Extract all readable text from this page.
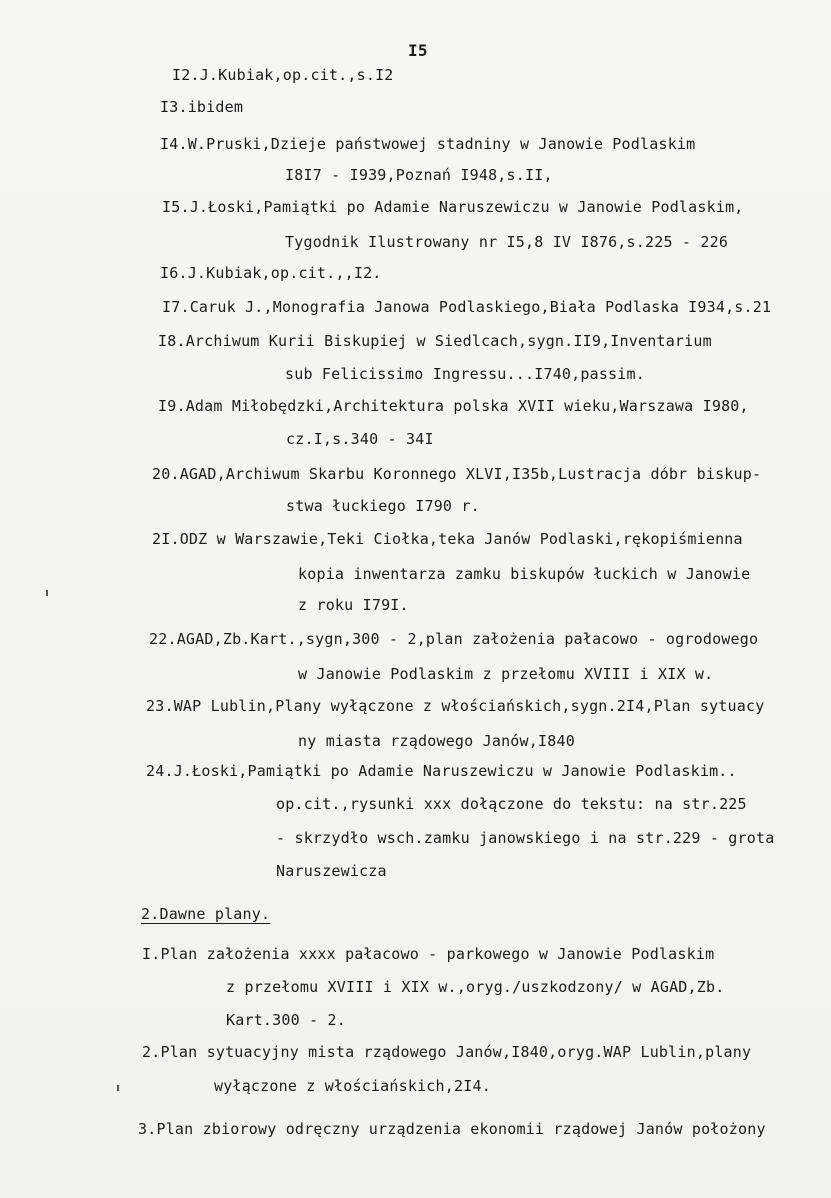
I5
I2.J.Kubiak,op.cit.,s.I2
I3.ibidem
I4.W.Pruski,Dzieje państwowej stadniny w Janowie Podlaskim
I8I7 - I939,Poznań I948,s.II,
I5.J.Łoski,Pamiątki po Adamie Naruszewiczu w Janowie Podlaskim,
Tygodnik Ilustrowany nr I5,8 IV I876,s.225 - 226
I6.J.Kubiak,op.cit.,,I2.
I7.Caruk J.,Monografia Janowa Podlaskiego,Biała Podlaska I934,s.21
I8.Archiwum Kurii Biskupiej w Siedlcach,sygn.II9,Inventarium
sub Felicissimo Ingressu...I740,passim.
I9.Adam Miłobędzki,Architektura polska XVII wieku,Warszawa I980,
cz.I,s.340 - 34I
20.AGAD,Archiwum Skarbu Koronnego XLVI,I35b,Lustracja dóbr biskup-
stwa łuckiego I790 r.
2I.ODZ w Warszawie,Teki Ciołka,teka Janów Podlaski,rękopiśmienna
kopia inwentarza zamku biskupów łuckich w Janowie
z roku I79I.
22.AGAD,Zb.Kart.,sygn,300 - 2,plan założenia pałacowo - ogrodowego
w Janowie Podlaskim z przełomu XVIII i XIX w.
23.WAP Lublin,Plany wyłączone z włościańskich,sygn.2I4,Plan sytuacy
ny miasta rządowego Janów,I840
24.J.Łoski,Pamiątki po Adamie Naruszewiczu w Janowie Podlaskim..
op.cit.,rysunki xxx dołączone do tekstu: na str.225
- skrzydło wsch.zamku janowskiego i na str.229 - grota
Naruszewicza
2.Dawne plany.
I.Plan założenia xxxx pałacowo - parkowego w Janowie Podlaskim
z przełomu XVIII i XIX w.,oryg./uszkodzony/ w AGAD,Zb.
Kart.300 - 2.
2.Plan sytuacyjny mista rządowego Janów,I840,oryg.WAP Lublin,plany
wyłączone z włościańskich,2I4.
3.Plan zbiorowy odręczny urządzenia ekonomii rządowej Janów położony
